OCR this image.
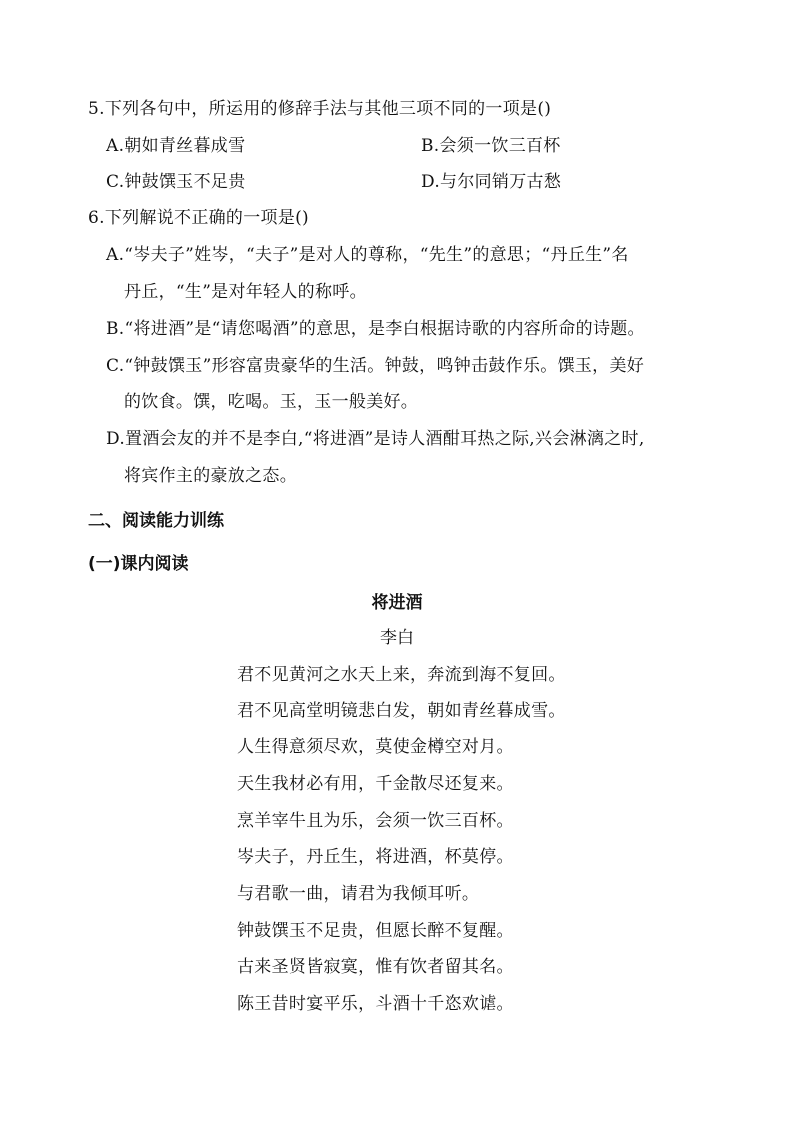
5.下列各句中，所运用的修辞手法与其他三项不同的一项是()
A.朝如青丝暮成雪	B.会须一饮三百杯
C.钟鼓馔玉不足贵	D.与尔同销万古愁
6.下列解说不正确的一项是()
A.“岑夫子”姓岑，“夫子”是对人的尊称，“先生”的意思；“丹丘生”名
丹丘，“生”是对年轻人的称呼。
B.“将进酒”是“请您喝酒”的意思，是李白根据诗歌的内容所命的诗题。
C.“钟鼓馔玉”形容富贵豪华的生活。钟鼓，鸣钟击鼓作乐。馔玉，美好
的饮食。馔，吃喝。玉，玉一般美好。
D.置酒会友的并不是李白,“将进酒”是诗人酒酣耳热之际,兴会淋漓之时,
将宾作主的豪放之态。
二、阅读能力训练
(一)课内阅读
将进酒
李白
君不见黄河之水天上来，奔流到海不复回。
君不见高堂明镜悲白发，朝如青丝暮成雪。
人生得意须尽欢，莫使金樽空对月。
天生我材必有用，千金散尽还复来。
烹羊宰牛且为乐，会须一饮三百杯。
岑夫子，丹丘生，将进酒，杯莫停。
与君歌一曲，请君为我倾耳听。
钟鼓馔玉不足贵，但愿长醉不复醒。
古来圣贤皆寂寞，惟有饮者留其名。
陈王昔时宴平乐，斗酒十千恣欢谑。
